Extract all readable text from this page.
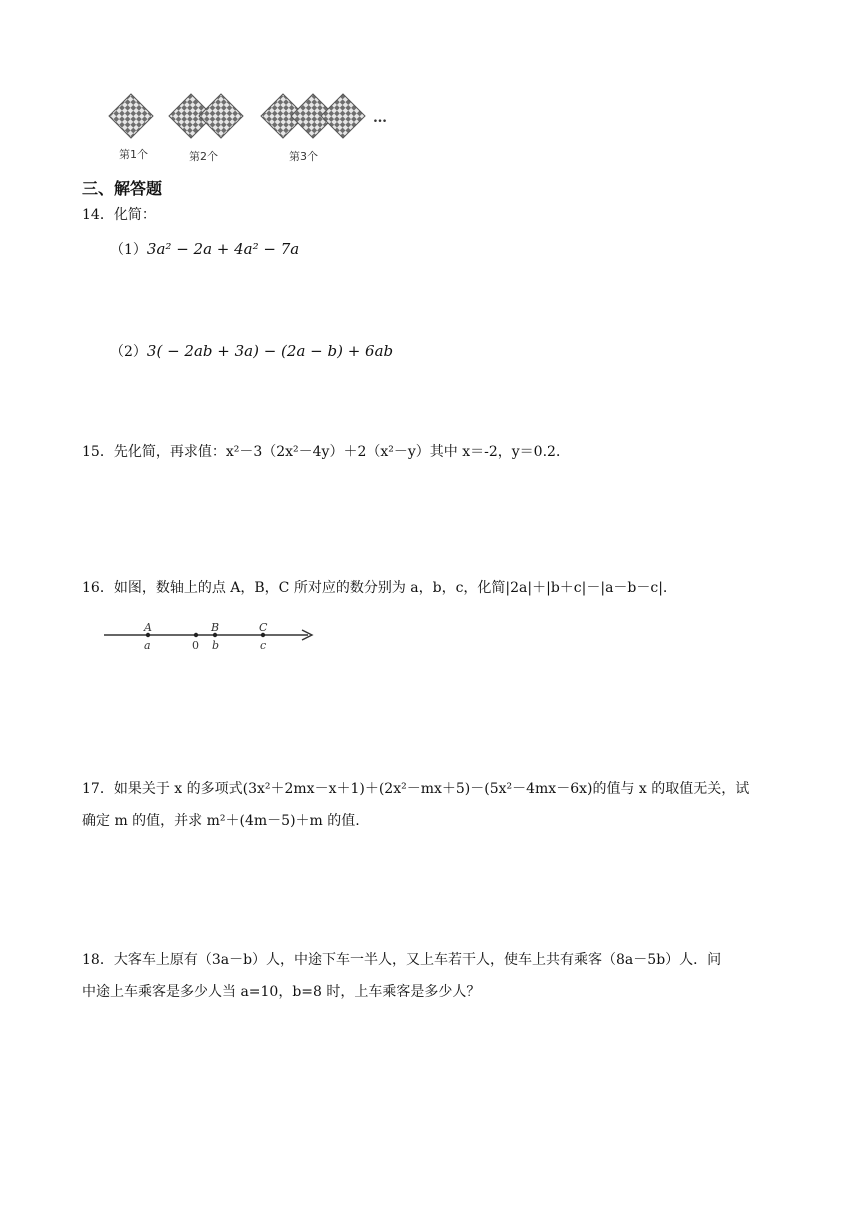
…
第1个	第2个	第3个
三、解答题
14．化简：
（1）3a² − 2a + 4a² − 7a
（2）3( − 2ab + 3a) − (2a − b) + 6ab
15．先化简，再求值：x²－3（2x²－4y）＋2（x²－y）其中 x＝-2，y＝0.2．
16．如图，数轴上的点 A，B，C 所对应的数分别为 a，b，c，化简|2a|＋|b＋c|－|a－b－c|.
A	B	C
a	0 b	c
17．如果关于 x 的多项式(3x²＋2mx－x＋1)＋(2x²－mx＋5)－(5x²－4mx－6x)的值与 x 的取值无关，试
确定 m 的值，并求 m²＋(4m－5)＋m 的值.
18．大客车上原有（3a－b）人，中途下车一半人，又上车若干人，使车上共有乘客（8a－5b）人．问
中途上车乘客是多少人当 a=10，b=8 时，上车乘客是多少人？
